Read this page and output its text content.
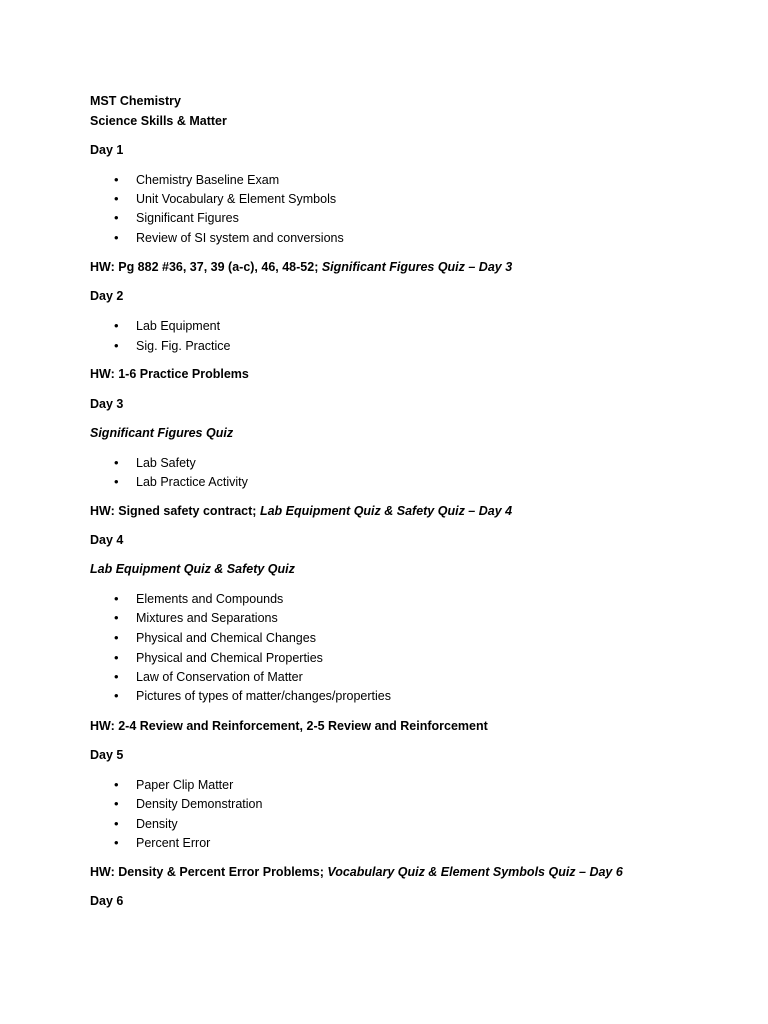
MST Chemistry
Science Skills & Matter
Day 1
•Chemistry Baseline Exam
•Unit Vocabulary & Element Symbols
•Significant Figures
•Review of SI system and conversions
HW: Pg 882 #36, 37, 39 (a-c), 46, 48-52; Significant Figures Quiz – Day 3
Day 2
•Lab Equipment
•Sig. Fig. Practice
HW: 1-6 Practice Problems
Day 3
Significant Figures Quiz
•Lab Safety
•Lab Practice Activity
HW: Signed safety contract; Lab Equipment Quiz & Safety Quiz – Day 4
Day 4
Lab Equipment Quiz & Safety Quiz
•Elements and Compounds
•Mixtures and Separations
•Physical and Chemical Changes
•Physical and Chemical Properties
•Law of Conservation of Matter
•Pictures of types of matter/changes/properties
HW: 2-4 Review and Reinforcement, 2-5 Review and Reinforcement
Day 5
•Paper Clip Matter
•Density Demonstration
•Density
•Percent Error
HW: Density & Percent Error Problems; Vocabulary Quiz & Element Symbols Quiz – Day 6
Day 6
